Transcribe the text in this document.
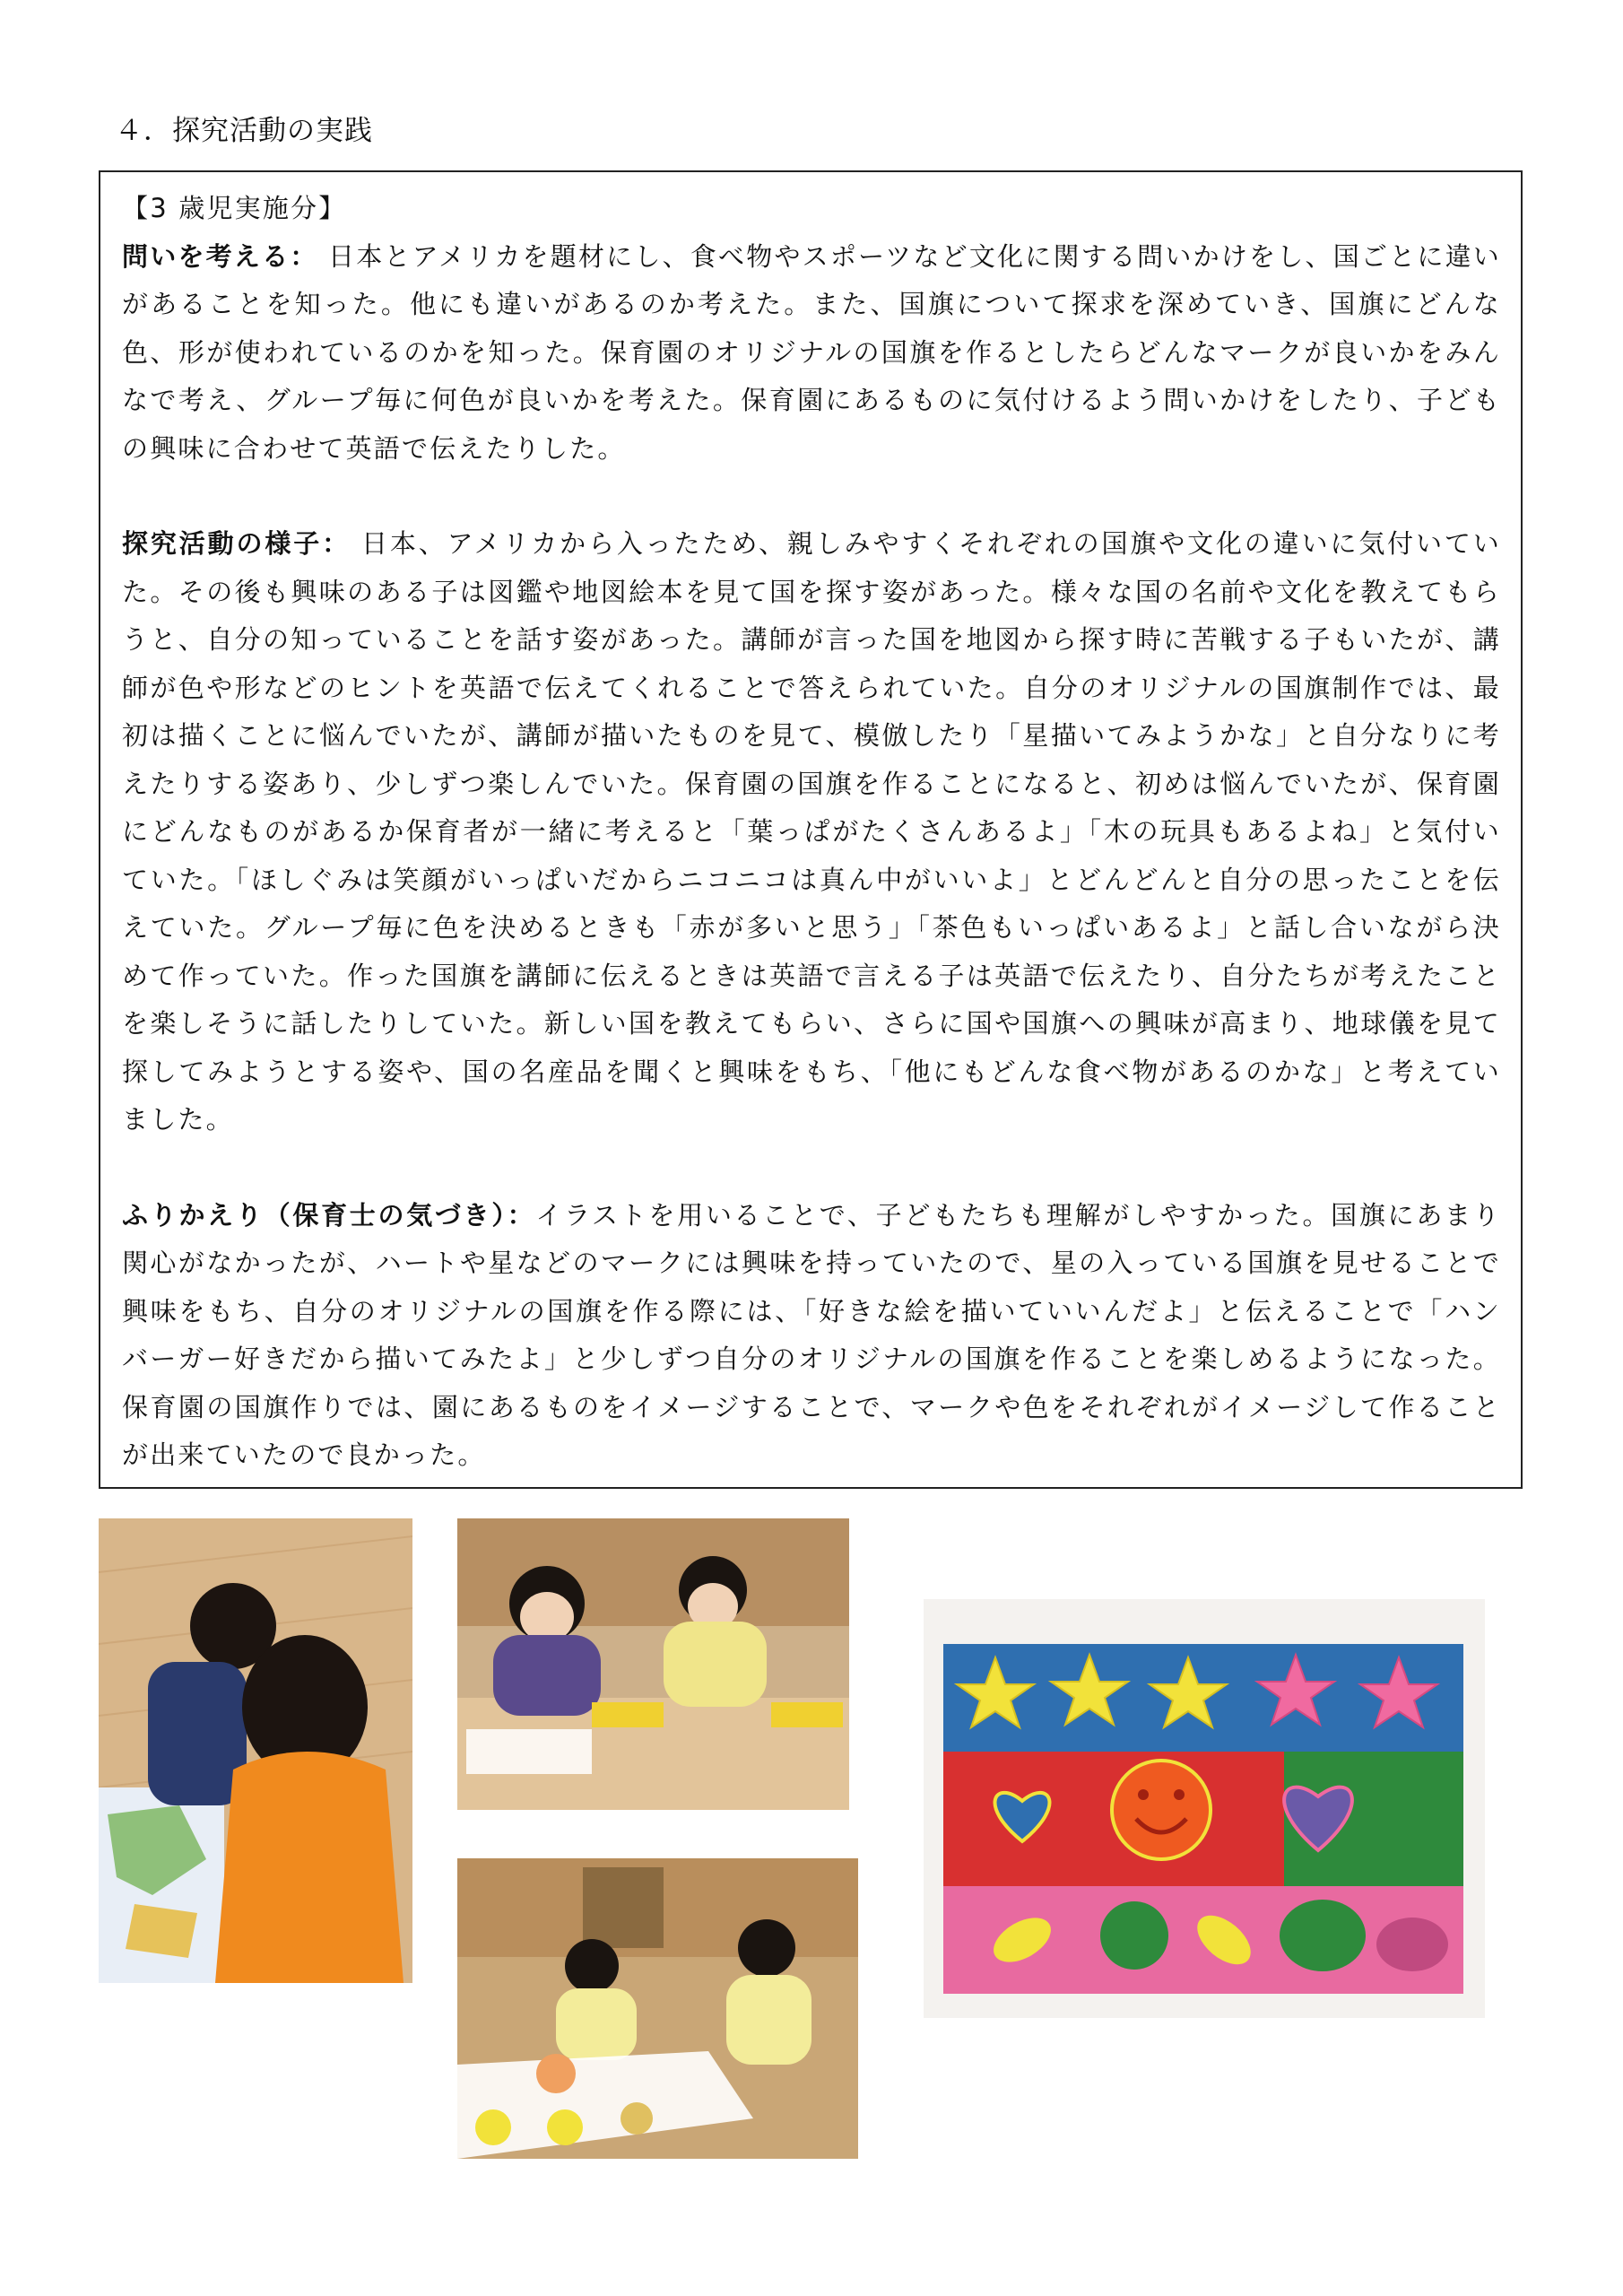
４．探究活動の実践

【3 歳児実施分】

問いを考える： 日本とアメリカを題材にし、食べ物やスポーツなど文化に関する問いかけをし、国ごとに違いがあることを知った。他にも違いがあるのか考えた。また、国旗について探求を深めていき、国旗にどんな色、形が使われているのかを知った。保育園のオリジナルの国旗を作るとしたらどんなマークが良いかをみんなで考え、グループ毎に何色が良いかを考えた。保育園にあるものに気付けるよう問いかけをしたり、子どもの興味に合わせて英語で伝えたりした。

探究活動の様子： 日本、アメリカから入ったため、親しみやすくそれぞれの国旗や文化の違いに気付いていた。その後も興味のある子は図鑑や地図絵本を見て国を探す姿があった。様々な国の名前や文化を教えてもらうと、自分の知っていることを話す姿があった。講師が言った国を地図から探す時に苦戦する子もいたが、講師が色や形などのヒントを英語で伝えてくれることで答えられていた。自分のオリジナルの国旗制作では、最初は描くことに悩んでいたが、講師が描いたものを見て、模倣したり「星描いてみようかな」と自分なりに考えたりする姿あり、少しずつ楽しんでいた。保育園の国旗を作ることになると、初めは悩んでいたが、保育園にどんなものがあるか保育者が一緒に考えると「葉っぱがたくさんあるよ」「木の玩具もあるよね」と気付いていた。「ほしぐみは笑顔がいっぱいだからニコニコは真ん中がいいよ」とどんどんと自分の思ったことを伝えていた。グループ毎に色を決めるときも「赤が多いと思う」「茶色もいっぱいあるよ」と話し合いながら決めて作っていた。作った国旗を講師に伝えるときは英語で言える子は英語で伝えたり、自分たちが考えたことを楽しそうに話したりしていた。新しい国を教えてもらい、さらに国や国旗への興味が高まり、地球儀を見て探してみようとする姿や、国の名産品を聞くと興味をもち、「他にもどんな食べ物があるのかな」と考えていました。

ふりかえり（保育士の気づき）：イラストを用いることで、子どもたちも理解がしやすかった。国旗にあまり関心がなかったが、ハートや星などのマークには興味を持っていたので、星の入っている国旗を見せることで興味をもち、自分のオリジナルの国旗を作る際には、「好きな絵を描いていいんだよ」と伝えることで「ハンバーガー好きだから描いてみたよ」と少しずつ自分のオリジナルの国旗を作ることを楽しめるようになった。保育園の国旗作りでは、園にあるものをイメージすることで、マークや色をそれぞれがイメージして作ることが出来ていたので良かった。
